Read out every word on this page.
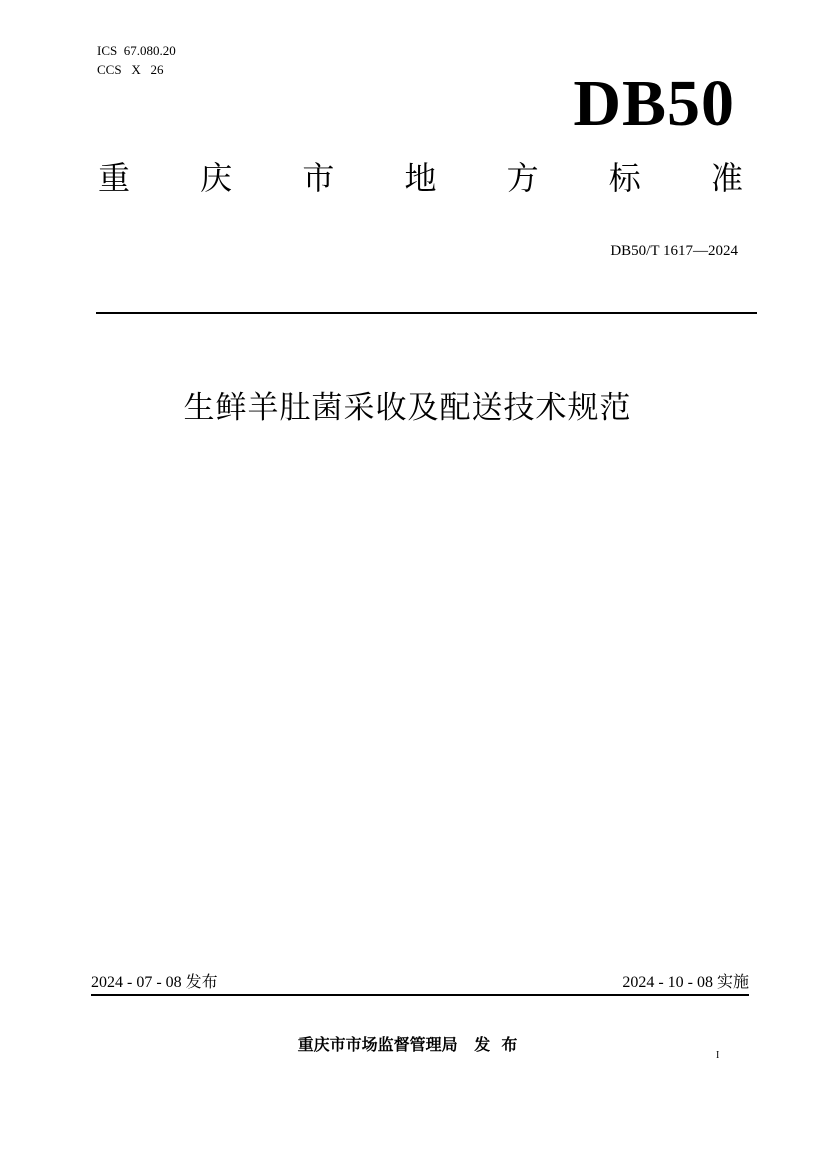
ICS  67.080.20
CCS   X   26	DB50
重 庆 市 地 方 标 准
DB50/T 1617—2024
生鲜羊肚菌采收及配送技术规范
2024 - 07 - 08 发布	2024 - 10 - 08 实施
重庆市市场监督管理局   发  布
I
